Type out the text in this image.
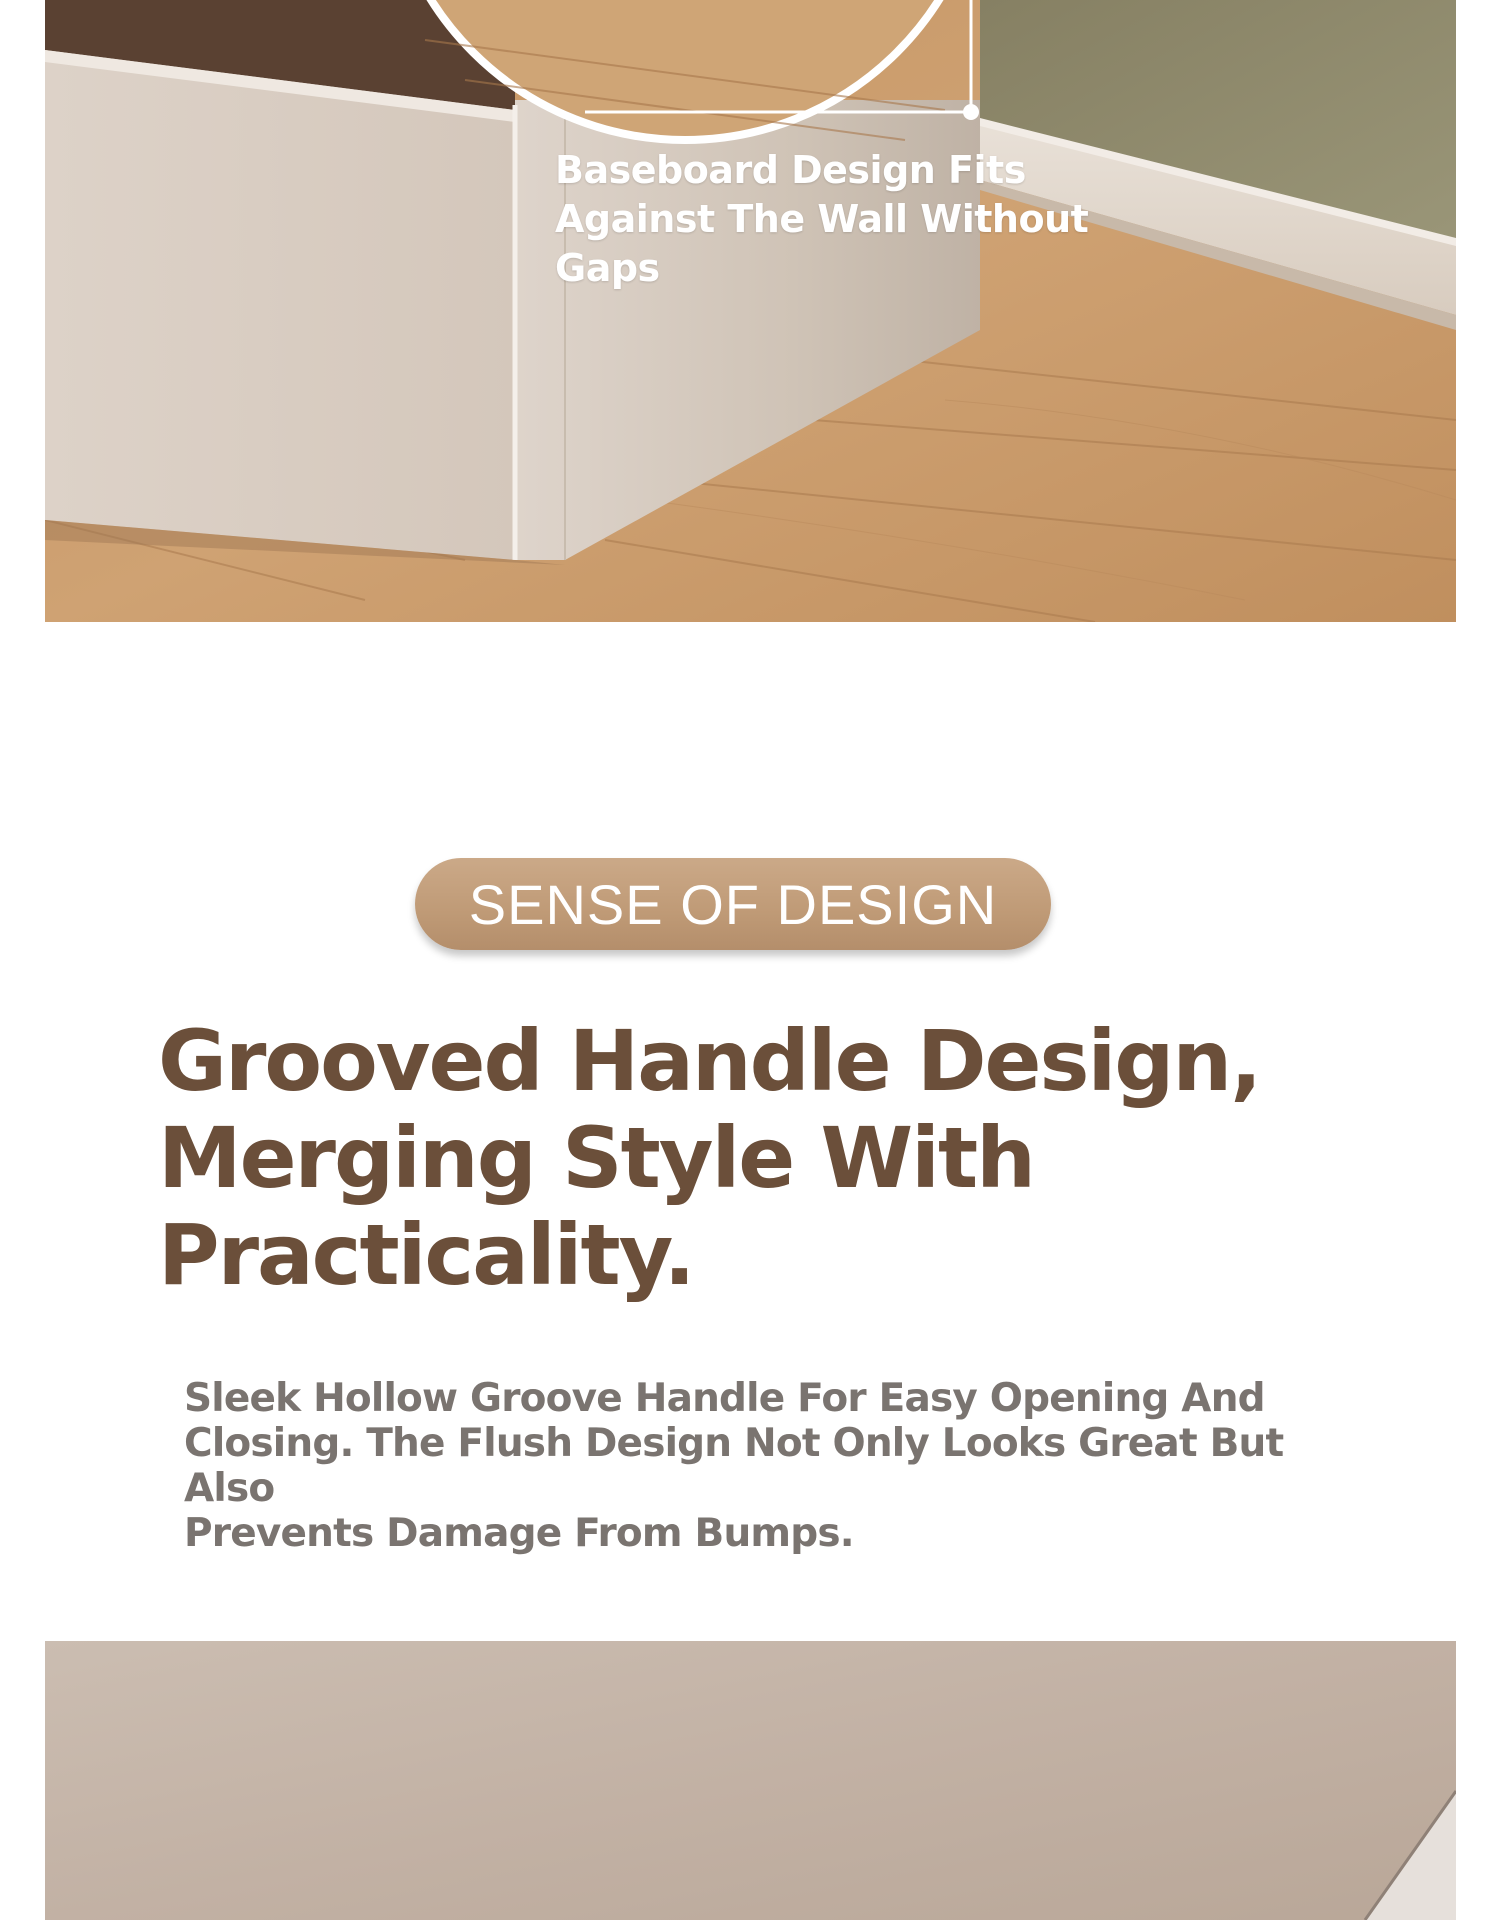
Baseboard Design Fits Against The Wall Without Gaps
SENSE OF DESIGN
Grooved Handle Design,
Merging Style With
Practicality.
Sleek Hollow Groove Handle For Easy Opening And
Closing. The Flush Design Not Only Looks Great But Also
Prevents Damage From Bumps.
